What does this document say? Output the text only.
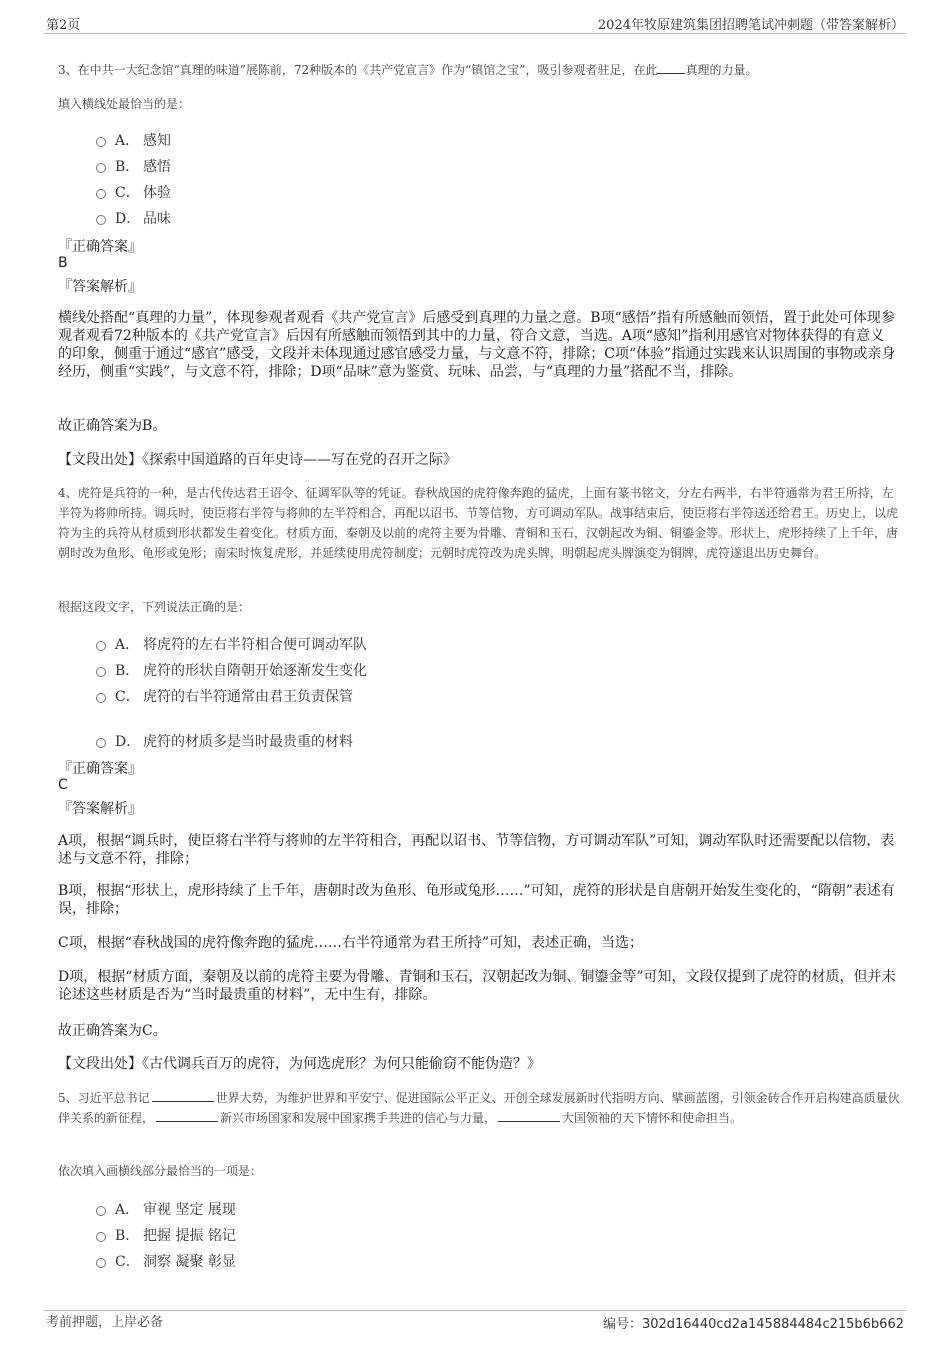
第2页	2024年牧原建筑集团招聘笔试冲刺题（带答案解析）
3、在中共一大纪念馆“真理的味道”展陈前，72种版本的《共产党宣言》作为“镇馆之宝”，吸引参观者驻足，在此 真理的力量。
填入横线处最恰当的是：
A． 感知
B． 感悟
C． 体验
D． 品味
『正确答案』
B
『答案解析』
横线处搭配“真理的力量”，体现参观者观看《共产党宣言》后感受到真理的力量之意。B项“感悟”指有所感触而领悟，置于此处可体现参观者观看72种版本的《共产党宣言》后因有所感触而领悟到其中的力量，符合文意，当选。A项“感知”指利用感官对物体获得的有意义的印象，侧重于通过“感官”感受，文段并未体现通过感官感受力量，与文意不符，排除；C项“体验”指通过实践来认识周围的事物或亲身经历，侧重“实践”，与文意不符，排除；D项“品味”意为鉴赏、玩味、品尝，与“真理的力量”搭配不当，排除。
故正确答案为B。
【文段出处】《探索中国道路的百年史诗——写在党的召开之际》
4、虎符是兵符的一种，是古代传达君王诏令、征调军队等的凭证。春秋战国的虎符像奔跑的猛虎，上面有篆书铭文，分左右两半，右半符通常为君王所持，左半符为将帅所持。调兵时，使臣将右半符与将帅的左半符相合，再配以诏书、节等信物，方可调动军队。战事结束后，使臣将右半符送还给君王。历史上，以虎符为主的兵符从材质到形状都发生着变化。材质方面，秦朝及以前的虎符主要为骨雕、青铜和玉石，汉朝起改为铜、铜鎏金等。形状上，虎形持续了上千年，唐朝时改为鱼形、龟形或兔形；南宋时恢复虎形，并延续使用虎符制度；元朝时虎符改为虎头牌，明朝起虎头牌演变为铜牌，虎符遂退出历史舞台。
根据这段文字，下列说法正确的是：
A． 将虎符的左右半符相合便可调动军队
B． 虎符的形状自隋朝开始逐渐发生变化
C． 虎符的右半符通常由君王负责保管
D． 虎符的材质多是当时最贵重的材料
『正确答案』
C
『答案解析』
A项，根据“调兵时，使臣将右半符与将帅的左半符相合，再配以诏书、节等信物，方可调动军队”可知，调动军队时还需要配以信物，表述与文意不符，排除；
B项，根据“形状上，虎形持续了上千年，唐朝时改为鱼形、龟形或兔形……”可知，虎符的形状是自唐朝开始发生变化的，“隋朝”表述有误，排除；
C项，根据“春秋战国的虎符像奔跑的猛虎……右半符通常为君王所持”可知，表述正确，当选；
D项，根据“材质方面，秦朝及以前的虎符主要为骨雕、青铜和玉石，汉朝起改为铜、铜鎏金等”可知，文段仅提到了虎符的材质，但并未论述这些材质是否为“当时最贵重的材料”，无中生有，排除。
故正确答案为C。
【文段出处】《古代调兵百万的虎符，为何选虎形？为何只能偷窃不能伪造？》
5、习近平总书记	世界大势，为维护世界和平安宁、促进国际公平正义、开创全球发展新时代指明方向、擘画蓝图，引领金砖合作开启构建高质量伙伴关系的新征程，	新兴市场国家和发展中国家携手共进的信心与力量，	大国领袖的天下情怀和使命担当。
依次填入画横线部分最恰当的一项是：
A． 审视 坚定 展现
B． 把握 提振 铭记
C． 洞察 凝聚 彰显
考前押题，上岸必备	编号：302d16440cd2a145884484c215b6b662
